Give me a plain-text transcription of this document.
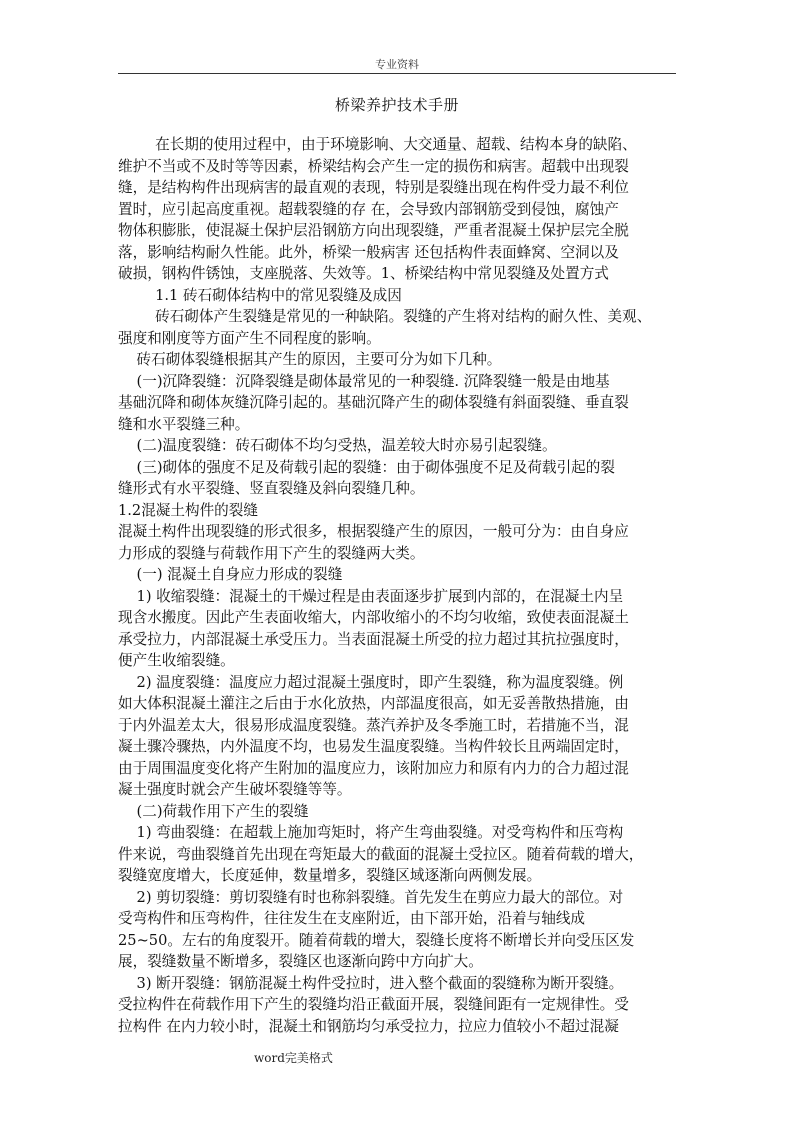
专业资料
桥梁养护技术手册

在长期的使用过程中，由于环境影响、大交通量、超载、结构本身的缺陷、

维护不当或不及时等等因素，桥梁结构会产生一定的损伤和病害。超载中出现裂

缝，是结构构件出现病害的最直观的表现，特别是裂缝出现在构件受力最不利位

置时，应引起高度重视。超载裂缝的存 在，会导致内部钢筋受到侵蚀，腐蚀产

物体积膨胀，使混凝土保护层沿钢筋方向出现裂缝，严重者混凝土保护层完全脱

落，影响结构耐久性能。此外，桥梁一般病害 还包括构件表面蜂窝、空洞以及

破损，钢构件锈蚀，支座脱落、失效等。1、桥梁结构中常见裂缝及处置方式

1.1 砖石砌体结构中的常见裂缝及成因

砖石砌体产生裂缝是常见的一种缺陷。裂缝的产生将对结构的耐久性、美观、

强度和刚度等方面产生不同程度的影响。

砖石砌体裂缝根据其产生的原因，主要可分为如下几种。

(一)沉降裂缝：沉降裂缝是砌体最常见的一种裂缝. 沉降裂缝一般是由地基

基础沉降和砌体灰缝沉降引起的。基础沉降产生的砌体裂缝有斜面裂缝、垂直裂

缝和水平裂缝三种。

(二)温度裂缝：砖石砌体不均匀受热，温差较大时亦易引起裂缝。

(三)砌体的强度不足及荷载引起的裂缝：由于砌体强度不足及荷载引起的裂

缝形式有水平裂缝、竖直裂缝及斜向裂缝几种。

1.2混凝土构件的裂缝

混凝土构件出现裂缝的形式很多，根据裂缝产生的原因，一般可分为：由自身应

力形成的裂缝与荷载作用下产生的裂缝两大类。

(一) 混凝土自身应力形成的裂缝

1) 收缩裂缝：混凝土的干燥过程是由表面逐步扩展到内部的，在混凝土内呈

现含水搬度。因此产生表面收缩大，内部收缩小的不均匀收缩，致使表面混凝土

承受拉力，内部混凝土承受压力。当表面混凝土所受的拉力超过其抗拉强度时，

便产生收缩裂缝。

2) 温度裂缝：温度应力超过混凝土强度时，即产生裂缝，称为温度裂缝。例

如大体积混凝土灌注之后由于水化放热，内部温度很高，如无妥善散热措施，由

于内外温差太大，很易形成温度裂缝。蒸汽养护及冬季施工时，若措施不当，混

凝土骤冷骤热，内外温度不均，也易发生温度裂缝。当构件较长且两端固定时，

由于周围温度变化将产生附加的温度应力，该附加应力和原有内力的合力超过混

凝土强度时就会产生破坏裂缝等等。

(二)荷载作用下产生的裂缝

1) 弯曲裂缝：在超载上施加弯矩时，将产生弯曲裂缝。对受弯构件和压弯构

件来说，弯曲裂缝首先出现在弯矩最大的截面的混凝土受拉区。随着荷载的增大，

裂缝宽度增大，长度延伸，数量增多，裂缝区域逐渐向两侧发展。

2) 剪切裂缝：剪切裂缝有时也称斜裂缝。首先发生在剪应力最大的部位。对

受弯构件和压弯构件，往往发生在支座附近，由下部开始，沿着与轴线成

25~50。左右的角度裂开。随着荷载的增大，裂缝长度将不断增长并向受压区发

展，裂缝数量不断增多，裂缝区也逐渐向跨中方向扩大。

3) 断开裂缝：钢筋混凝土构件受拉时，进入整个截面的裂缝称为断开裂缝。

受拉构件在荷载作用下产生的裂缝均沿正截面开展，裂缝间距有一定规律性。受

拉构件 在内力较小时，混凝土和钢筋均匀承受拉力，拉应力值较小不超过混凝

word完美格式
